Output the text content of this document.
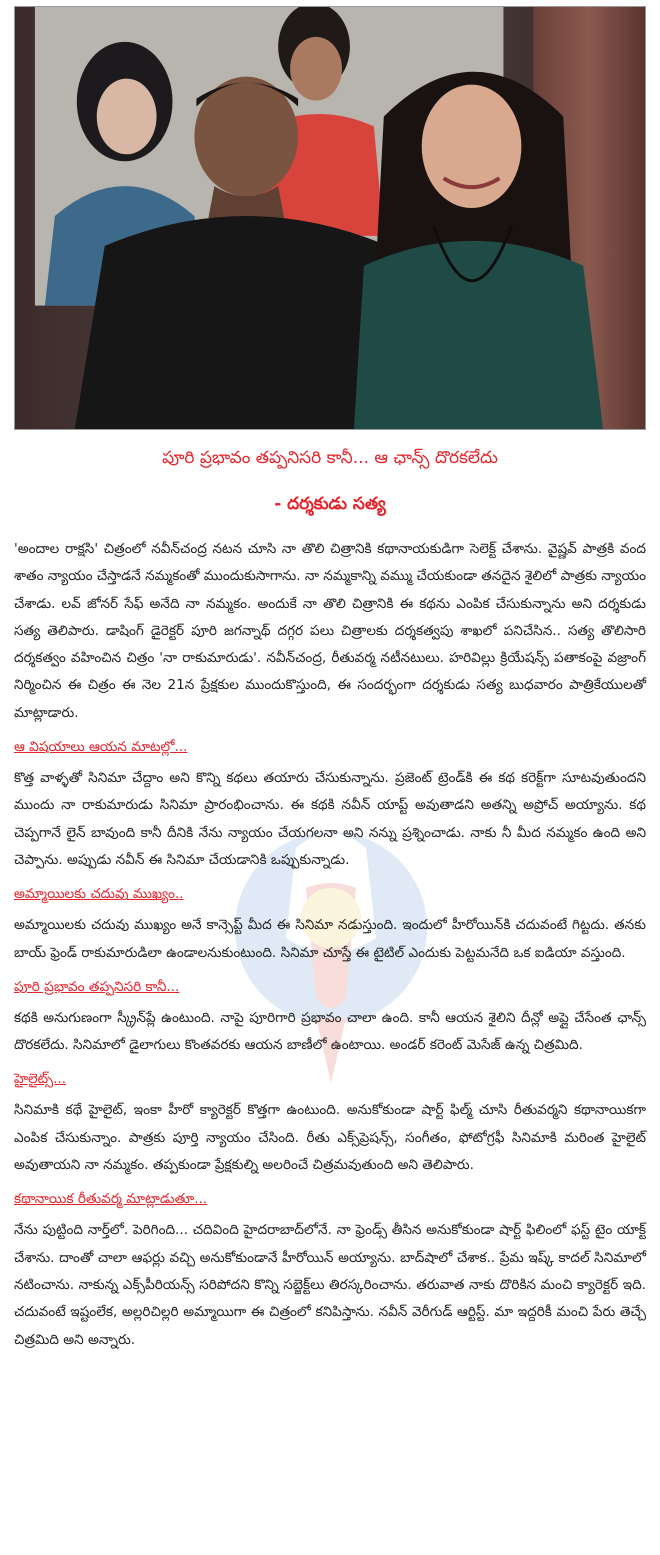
పూరి ప్రభావం తప్పనిసరి కానీ... ఆ ఛాన్స్ దొరకలేదు
- దర్శకుడు సత్య

'అందాల రాక్షసి' చిత్రంలో నవీన్‌చంద్ర నటన చూసి నా తొలి చిత్రానికి కథానాయకుడిగా సెలెక్ట్ చేశాను. వైష్ణవ్ పాత్రకి వంద శాతం న్యాయం చేస్తాడనే నమ్మకంతో ముందుకుసాగాను. నా నమ్మకాన్ని వమ్ము చేయకుండా తనదైన శైలిలో పాత్రకు న్యాయం చేశాడు. లవ్ జోనర్ సేఫ్ అనేది నా నమ్మకం. అందుకే నా తొలి చిత్రానికి ఈ కథను ఎంపిక చేసుకున్నాను అని దర్శకుడు సత్య తెలిపారు. డాషింగ్ డైరెక్టర్ పూరి జగన్నాథ్ దగ్గర పలు చిత్రాలకు దర్శకత్వపు శాఖలో పనిచేసిన.. సత్య తొలిసారి దర్శకత్వం వహించిన చిత్రం 'నా రాకుమారుడు'. నవీన్‌చంద్ర, రీతువర్మ నటీనటులు. హరివిల్లు క్రియేషన్స్ పతాకంపై వజ్రాంగ్ నిర్మించిన ఈ చిత్రం ఈ నెల 21న ప్రేక్షకుల ముందుకొస్తుంది, ఈ సందర్భంగా దర్శకుడు సత్య బుధవారం పాత్రికేయులతో మాట్లాడారు.

ఆ విషయాలు ఆయన మాటల్లో...

కొత్త వాళ్ళతో సినిమా చేద్దాం అని కొన్ని కథలు తయారు చేసుకున్నాను. ప్రజెంట్ ట్రెండ్‌కి ఈ కథ కరెక్ట్‌గా సూటవుతుందని ముందు నా రాకుమారుడు సినిమా ప్రారంభించాను. ఈ కథకి నవీన్ యాప్ట్ అవుతాడని అతన్ని అప్రోచ్ అయ్యాను. కథ చెప్పగానే లైన్ బావుంది కానీ దీనికి నేను న్యాయం చేయగలనా అని నన్ను ప్రశ్నించాడు. నాకు నీ మీద నమ్మకం ఉంది అని చెప్పాను. అప్పుడు నవీన్ ఈ సినిమా చేయడానికి ఒప్పుకున్నాడు.

అమ్మాయిలకు చదువు ముఖ్యం..

అమ్మాయిలకు చదువు ముఖ్యం అనే కాన్సెప్ట్ మీద ఈ సినిమా నడుస్తుంది. ఇందులో హీరోయిన్‌కి చదువంటే గిట్టదు. తనకు బాయ్ ఫ్రెండ్ రాకుమారుడిలా ఉండాలనుకుంటుంది. సినిమా చూస్తే ఈ టైటిల్ ఎందుకు పెట్టమనేది ఒక ఐడియా వస్తుంది.

పూరి ప్రభావం తప్పనిసరి కానీ...

కథకి అనుగుణంగా స్క్రీన్‌ప్లే ఉంటుంది. నాపై పూరిగారి ప్రభావం చాలా ఉంది. కానీ ఆయన శైలిని దీన్లో అప్లై చేసేంత ఛాన్స్ దొరకలేదు. సినిమాలో డైలాగులు కొంతవరకు ఆయన బాణీలో ఉంటాయి. అండర్ కరెంట్ మెసేజ్ ఉన్న చిత్రమిది.

హైలైట్స్...

సినిమాకి కథే హైలైట్, ఇంకా హీరో క్యారెక్టర్ కొత్తగా ఉంటుంది. అనుకోకుండా షార్ట్ ఫిల్మ్ చూసి రీతువర్మని కథానాయికగా ఎంపిక చేసుకున్నాం. పాత్రకు పూర్తి న్యాయం చేసింది. రీతు ఎక్స్‌ప్రెషన్స్, సంగీతం, ఫోటోగ్రఫీ సినిమాకి మరింత హైలైట్ అవుతాయని నా నమ్మకం. తప్పకుండా ప్రేక్షకుల్ని అలరించే చిత్రమవుతుంది అని తెలిపారు.

కథానాయిక రీతువర్మ మాట్లాడుతూ...

నేను పుట్టింది నార్త్‌లో. పెరిగింది... చదివింది హైదరాబాద్‌లోనే. నా ఫ్రెండ్స్ తీసిన అనుకోకుండా షార్ట్ ఫిలింలో ఫస్ట్ టైం యాక్ట్ చేశాను. దాంతో చాలా ఆఫర్లు వచ్చి అనుకోకుండానే హీరోయిన్ అయ్యాను. బాద్‌షాలో చేశాక.. ప్రేమ ఇష్క్ కాదల్ సినిమాలో నటించాను. నాకున్న ఎక్స్‌పీరియన్స్ సరిపోదని కొన్ని సబ్జెక్ట్‌లు తిరస్కరించాను. తరువాత నాకు దొరికిన మంచి క్యారెక్టర్ ఇది. చదువంటే ఇష్టంలేక, అల్లరిచిల్లరి అమ్మాయిగా ఈ చిత్రంలో కనిపిస్తాను. నవీన్ వెరీగుడ్ ఆర్టిస్ట్. మా ఇద్దరికీ మంచి పేరు తెచ్చే చిత్రమిది అని అన్నారు.
